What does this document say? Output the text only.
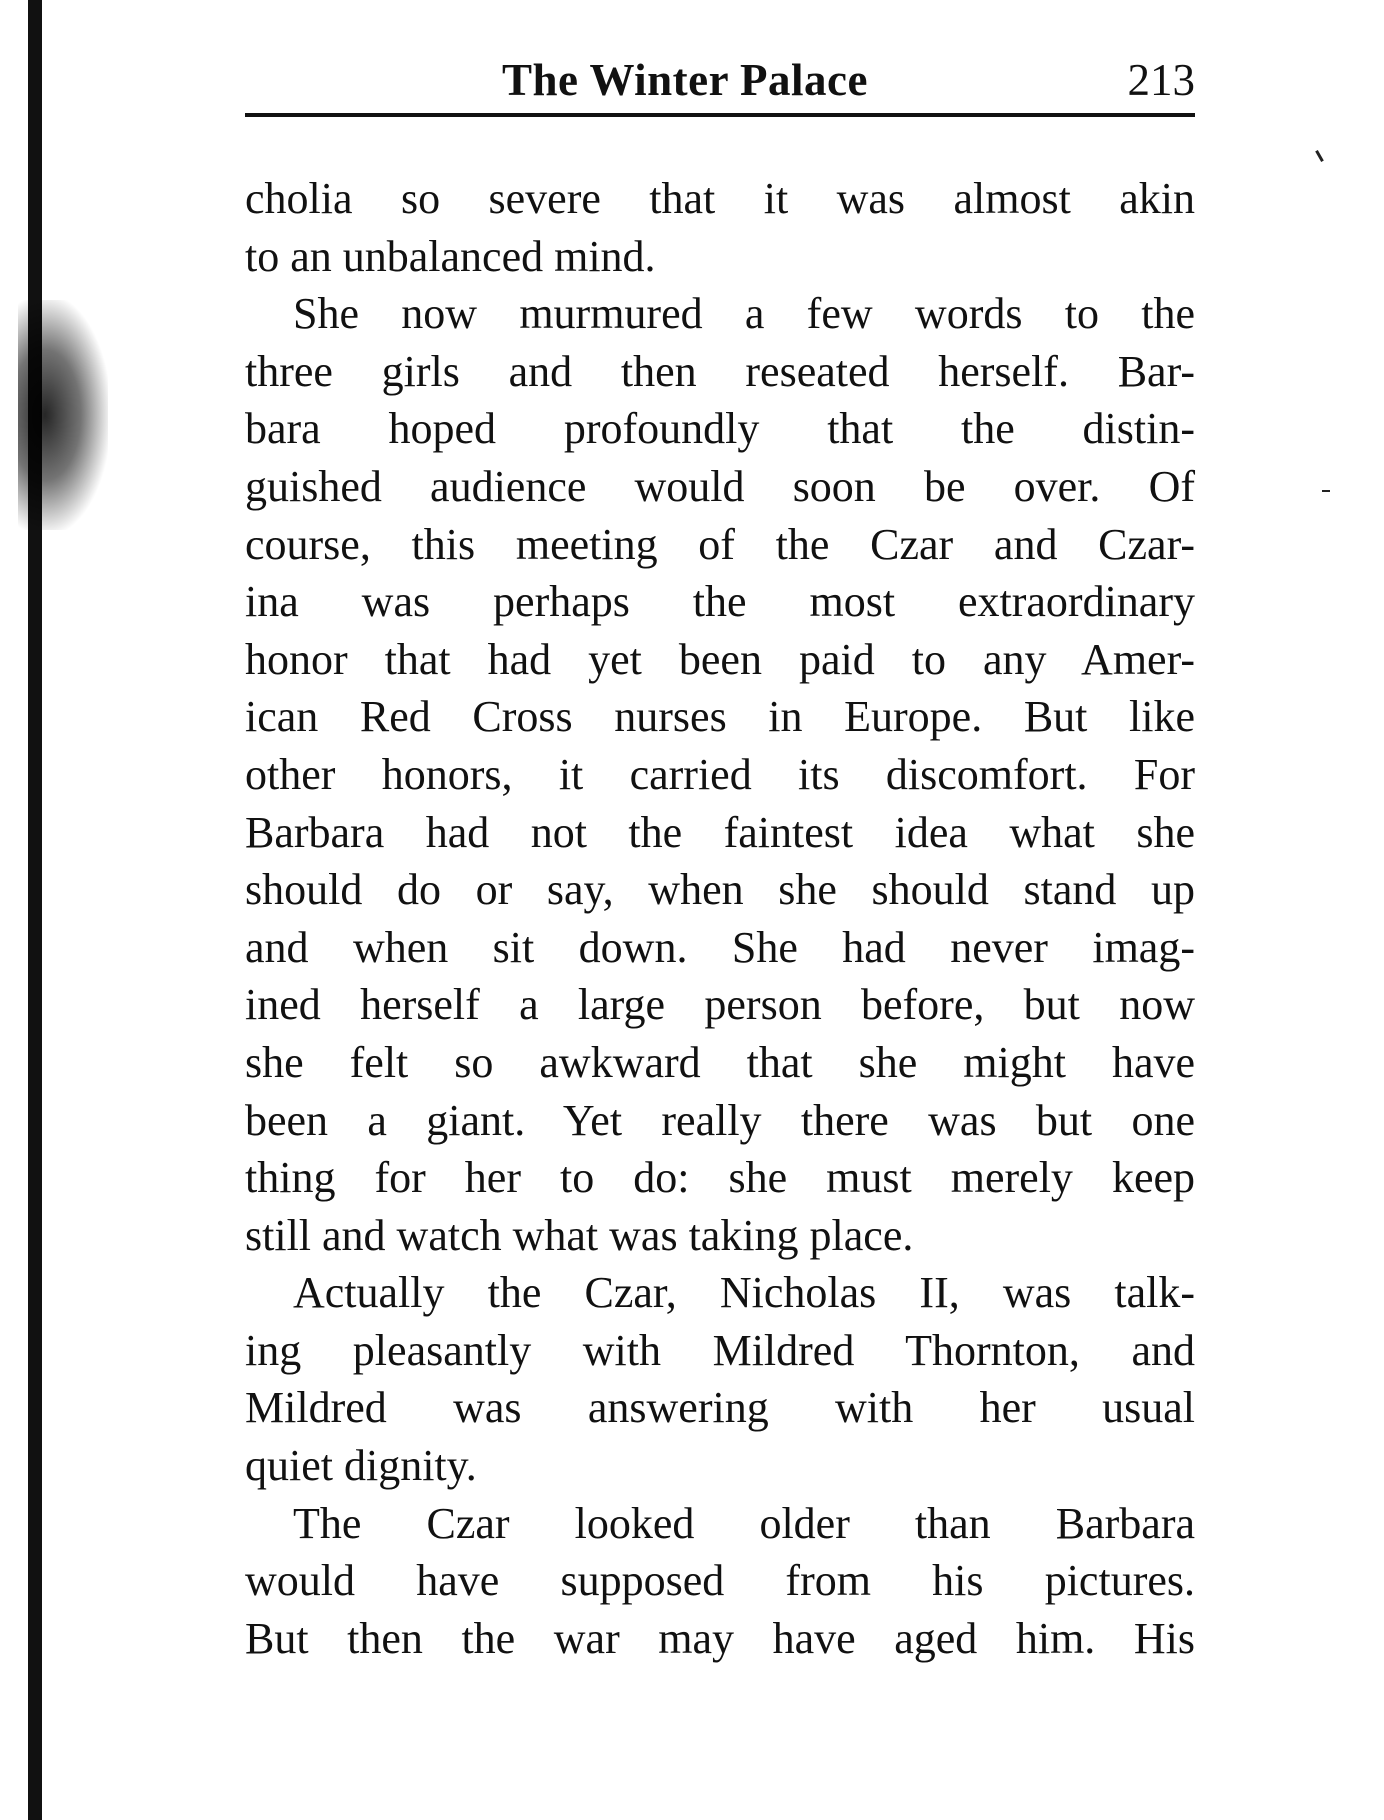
The Winter Palace	213
cholia so severe that it was almost akin
to an unbalanced mind.
She now murmured a few words to the
three girls and then reseated herself. Bar-
bara hoped profoundly that the distin-
guished audience would soon be over. Of
course, this meeting of the Czar and Czar-
ina was perhaps the most extraordinary
honor that had yet been paid to any Amer-
ican Red Cross nurses in Europe. But like
other honors, it carried its discomfort. For
Barbara had not the faintest idea what she
should do or say, when she should stand up
and when sit down. She had never imag-
ined herself a large person before, but now
she felt so awkward that she might have
been a giant. Yet really there was but one
thing for her to do: she must merely keep
still and watch what was taking place.
Actually the Czar, Nicholas II, was talk-
ing pleasantly with Mildred Thornton, and
Mildred was answering with her usual
quiet dignity.
The Czar looked older than Barbara
would have supposed from his pictures.
But then the war may have aged him. His
